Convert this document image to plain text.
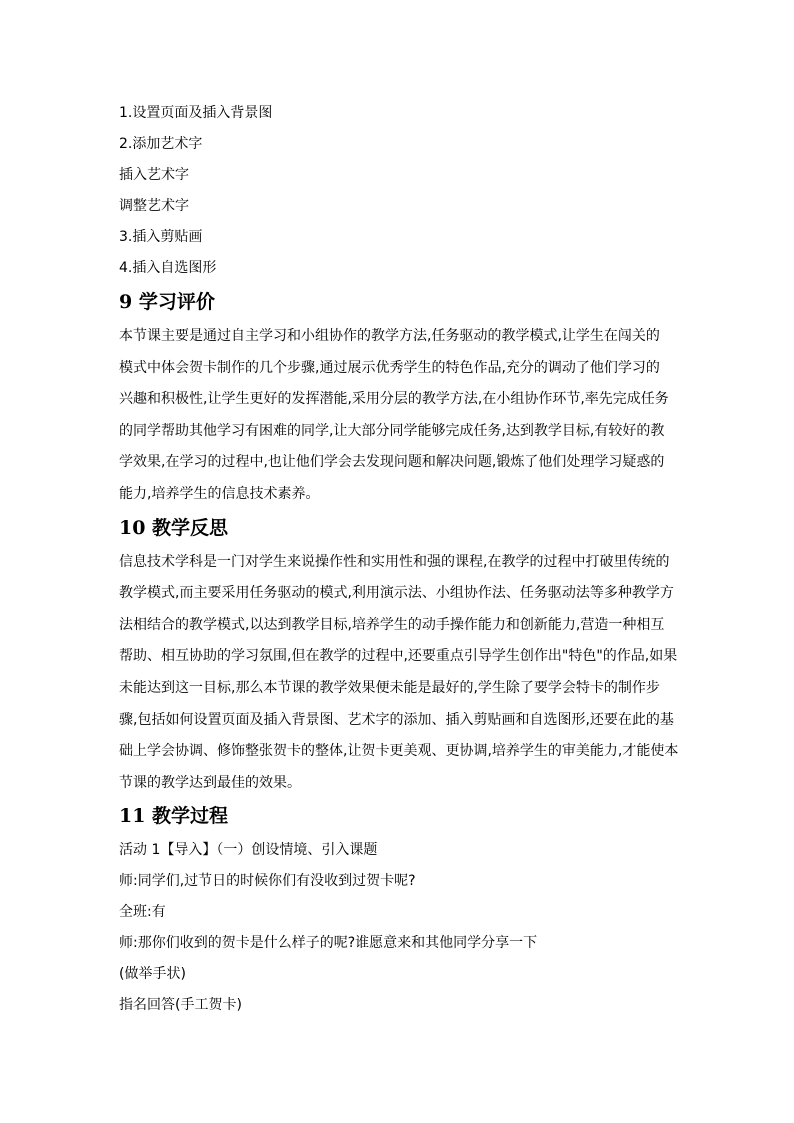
1.设置页面及插入背景图
2.添加艺术字
插入艺术字
调整艺术字
3.插入剪贴画
4.插入自选图形
9 学习评价
本节课主要是通过自主学习和小组协作的教学方法,任务驱动的教学模式,让学生在闯关的
模式中体会贺卡制作的几个步骤,通过展示优秀学生的特色作品,充分的调动了他们学习的
兴趣和积极性,让学生更好的发挥潜能,采用分层的教学方法,在小组协作环节,率先完成任务
的同学帮助其他学习有困难的同学,让大部分同学能够完成任务,达到教学目标,有较好的教
学效果,在学习的过程中,也让他们学会去发现问题和解决问题,锻炼了他们处理学习疑惑的
能力,培养学生的信息技术素养。
10 教学反思
信息技术学科是一门对学生来说操作性和实用性和强的课程,在教学的过程中打破里传统的
教学模式,而主要采用任务驱动的模式,利用演示法、小组协作法、任务驱动法等多种教学方
法相结合的教学模式,以达到教学目标,培养学生的动手操作能力和创新能力,营造一种相互
帮助、相互协助的学习氛围,但在教学的过程中,还要重点引导学生创作出"特色"的作品,如果
未能达到这一目标,那么本节课的教学效果便未能是最好的,学生除了要学会特卡的制作步
骤,包括如何设置页面及插入背景图、艺术字的添加、插入剪贴画和自选图形,还要在此的基
础上学会协调、修饰整张贺卡的整体,让贺卡更美观、更协调,培养学生的审美能力,才能使本
节课的教学达到最佳的效果。
11 教学过程
活动 1【导入】（一）创设情境、引入课题
师:同学们,过节日的时候你们有没收到过贺卡呢?
全班:有
师:那你们收到的贺卡是什么样子的呢?谁愿意来和其他同学分享一下
(做举手状)
指名回答(手工贺卡)
